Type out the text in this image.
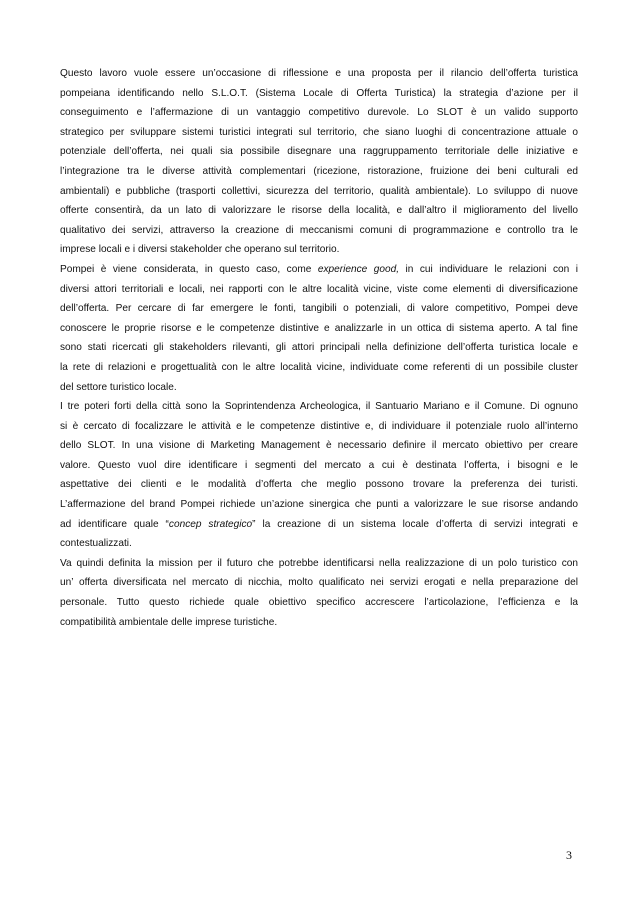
Questo lavoro vuole essere un’occasione di riflessione e una proposta per il rilancio dell’offerta turistica
pompeiana identificando nello S.L.O.T. (Sistema Locale di Offerta Turistica) la strategia d’azione per il
conseguimento e l’affermazione di un vantaggio competitivo durevole. Lo SLOT è un valido supporto
strategico per sviluppare sistemi turistici integrati sul territorio, che siano luoghi di concentrazione attuale o
potenziale dell’offerta, nei quali sia possibile disegnare una raggruppamento territoriale delle iniziative e
l’integrazione tra le diverse attività complementari (ricezione, ristorazione, fruizione dei beni culturali ed
ambientali) e pubbliche (trasporti collettivi, sicurezza del territorio, qualità ambientale). Lo sviluppo di nuove
offerte consentirà, da un lato di valorizzare le risorse della località, e dall’altro il miglioramento del livello
qualitativo dei servizi, attraverso la creazione di meccanismi comuni di programmazione e controllo tra le
imprese locali e i diversi stakeholder che operano sul territorio.
Pompei è viene considerata, in questo caso, come experience good, in cui individuare le relazioni con i
diversi attori territoriali e locali, nei rapporti con le altre località vicine, viste come elementi di diversificazione
dell’offerta. Per cercare di far emergere le fonti, tangibili o potenziali, di valore competitivo, Pompei deve
conoscere le proprie risorse e le competenze distintive e analizzarle in un ottica di sistema aperto. A tal fine
sono stati ricercati gli stakeholders rilevanti, gli attori principali nella definizione dell’offerta turistica locale e
la rete di relazioni e progettualità con le altre località vicine, individuate come referenti di un possibile cluster
del settore turistico locale.
I tre poteri forti della città sono la Soprintendenza Archeologica, il Santuario Mariano e il Comune. Di ognuno
si è cercato di focalizzare le attività e le competenze distintive e, di individuare il potenziale ruolo all’interno
dello SLOT. In una visione di Marketing Management è necessario definire il mercato obiettivo per creare
valore. Questo vuol dire identificare i segmenti del mercato a cui è destinata l’offerta, i bisogni e le
aspettative dei clienti e le modalità d’offerta che meglio possono trovare la preferenza dei turisti.
L’affermazione del brand Pompei richiede un’azione sinergica che punti a valorizzare le sue risorse andando
ad identificare quale “concep strategico” la creazione di un sistema locale d’offerta di servizi integrati e
contestualizzati.
Va quindi definita la mission per il futuro che potrebbe identificarsi nella realizzazione di un polo turistico con
un’ offerta diversificata nel mercato di nicchia, molto qualificato nei servizi erogati e nella preparazione del
personale. Tutto questo richiede quale obiettivo specifico accrescere l’articolazione, l’efficienza e la
compatibilità ambientale delle imprese turistiche.
3
